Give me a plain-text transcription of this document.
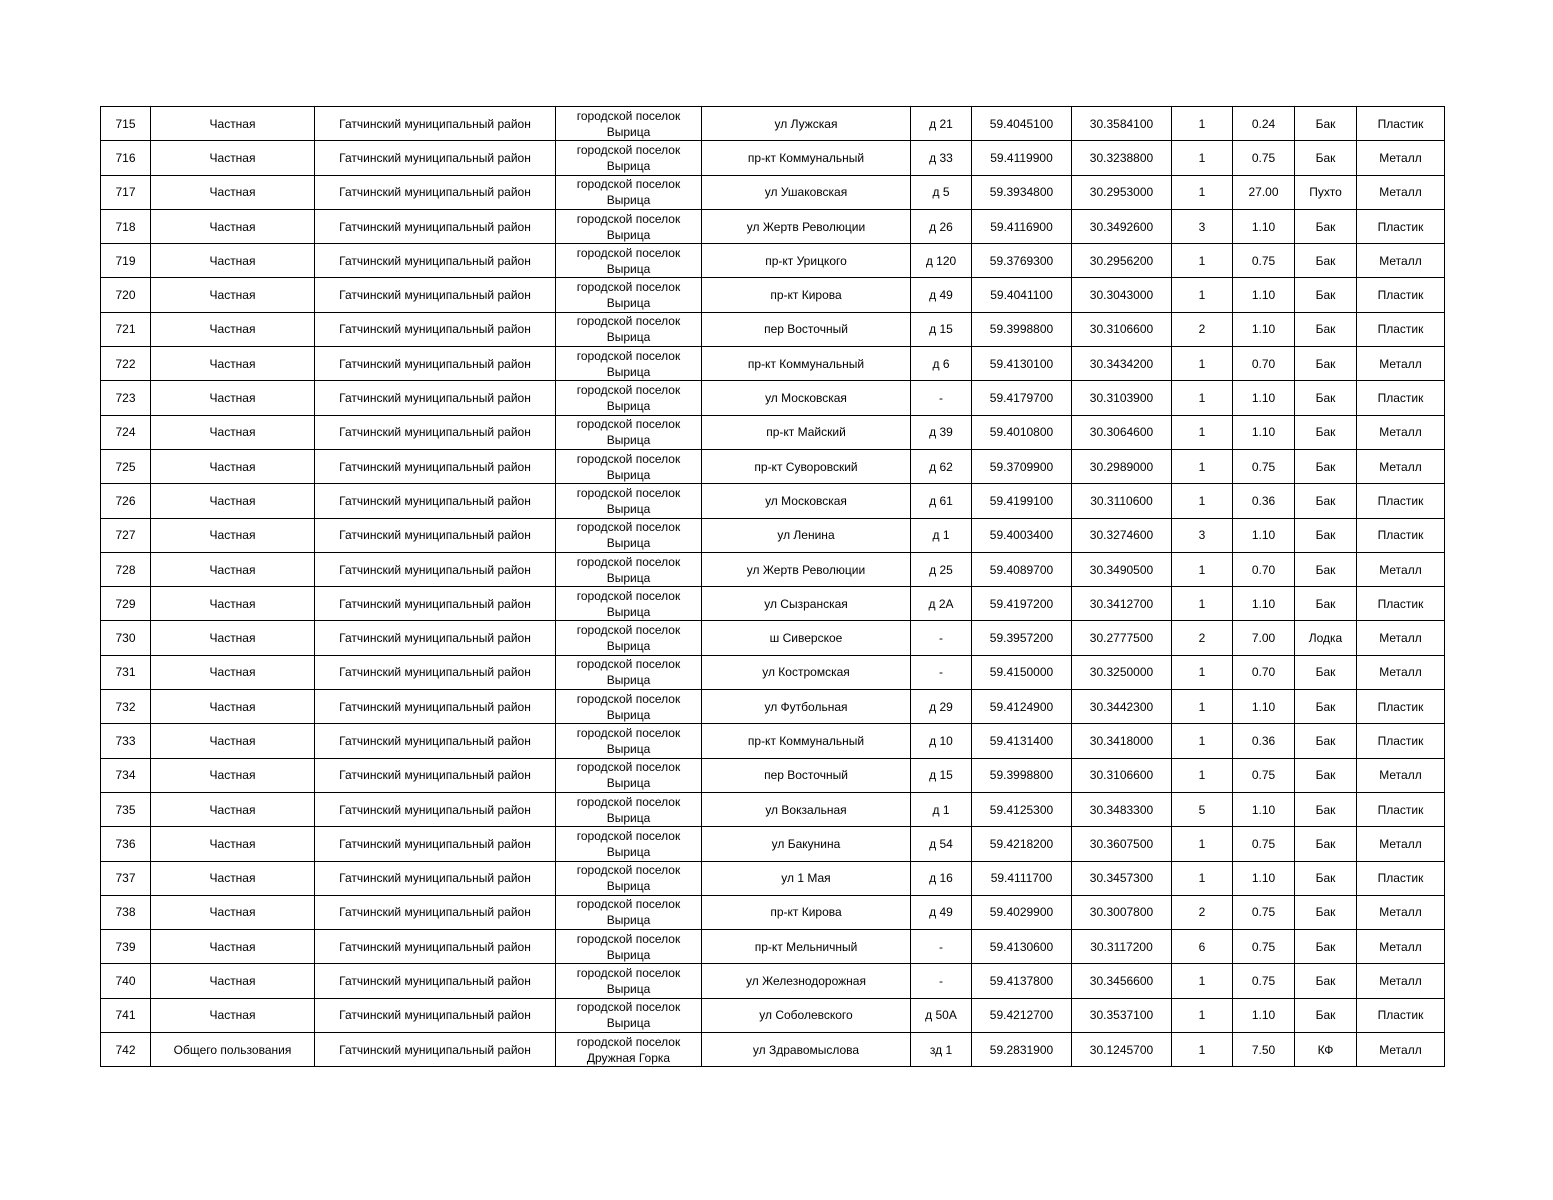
715	Частная	Гатчинский муниципальный район	городской поселок Вырица	ул Лужская	д 21	59.4045100	30.3584100	1	0.24	Бак	Пластик
716	Частная	Гатчинский муниципальный район	городской поселок Вырица	пр-кт Коммунальный	д 33	59.4119900	30.3238800	1	0.75	Бак	Металл
717	Частная	Гатчинский муниципальный район	городской поселок Вырица	ул Ушаковская	д 5	59.3934800	30.2953000	1	27.00	Пухто	Металл
718	Частная	Гатчинский муниципальный район	городской поселок Вырица	ул Жертв Революции	д 26	59.4116900	30.3492600	3	1.10	Бак	Пластик
719	Частная	Гатчинский муниципальный район	городской поселок Вырица	пр-кт Урицкого	д 120	59.3769300	30.2956200	1	0.75	Бак	Металл
720	Частная	Гатчинский муниципальный район	городской поселок Вырица	пр-кт Кирова	д 49	59.4041100	30.3043000	1	1.10	Бак	Пластик
721	Частная	Гатчинский муниципальный район	городской поселок Вырица	пер Восточный	д 15	59.3998800	30.3106600	2	1.10	Бак	Пластик
722	Частная	Гатчинский муниципальный район	городской поселок Вырица	пр-кт Коммунальный	д 6	59.4130100	30.3434200	1	0.70	Бак	Металл
723	Частная	Гатчинский муниципальный район	городской поселок Вырица	ул Московская	-	59.4179700	30.3103900	1	1.10	Бак	Пластик
724	Частная	Гатчинский муниципальный район	городской поселок Вырица	пр-кт Майский	д 39	59.4010800	30.3064600	1	1.10	Бак	Металл
725	Частная	Гатчинский муниципальный район	городской поселок Вырица	пр-кт Суворовский	д 62	59.3709900	30.2989000	1	0.75	Бак	Металл
726	Частная	Гатчинский муниципальный район	городской поселок Вырица	ул Московская	д 61	59.4199100	30.3110600	1	0.36	Бак	Пластик
727	Частная	Гатчинский муниципальный район	городской поселок Вырица	ул Ленина	д 1	59.4003400	30.3274600	3	1.10	Бак	Пластик
728	Частная	Гатчинский муниципальный район	городской поселок Вырица	ул Жертв Революции	д 25	59.4089700	30.3490500	1	0.70	Бак	Металл
729	Частная	Гатчинский муниципальный район	городской поселок Вырица	ул Сызранская	д 2А	59.4197200	30.3412700	1	1.10	Бак	Пластик
730	Частная	Гатчинский муниципальный район	городской поселок Вырица	ш Сиверское	-	59.3957200	30.2777500	2	7.00	Лодка	Металл
731	Частная	Гатчинский муниципальный район	городской поселок Вырица	ул Костромская	-	59.4150000	30.3250000	1	0.70	Бак	Металл
732	Частная	Гатчинский муниципальный район	городской поселок Вырица	ул Футбольная	д 29	59.4124900	30.3442300	1	1.10	Бак	Пластик
733	Частная	Гатчинский муниципальный район	городской поселок Вырица	пр-кт Коммунальный	д 10	59.4131400	30.3418000	1	0.36	Бак	Пластик
734	Частная	Гатчинский муниципальный район	городской поселок Вырица	пер Восточный	д 15	59.3998800	30.3106600	1	0.75	Бак	Металл
735	Частная	Гатчинский муниципальный район	городской поселок Вырица	ул Вокзальная	д 1	59.4125300	30.3483300	5	1.10	Бак	Пластик
736	Частная	Гатчинский муниципальный район	городской поселок Вырица	ул Бакунина	д 54	59.4218200	30.3607500	1	0.75	Бак	Металл
737	Частная	Гатчинский муниципальный район	городской поселок Вырица	ул 1 Мая	д 16	59.4111700	30.3457300	1	1.10	Бак	Пластик
738	Частная	Гатчинский муниципальный район	городской поселок Вырица	пр-кт Кирова	д 49	59.4029900	30.3007800	2	0.75	Бак	Металл
739	Частная	Гатчинский муниципальный район	городской поселок Вырица	пр-кт Мельничный	-	59.4130600	30.3117200	6	0.75	Бак	Металл
740	Частная	Гатчинский муниципальный район	городской поселок Вырица	ул Железнодорожная	-	59.4137800	30.3456600	1	0.75	Бак	Металл
741	Частная	Гатчинский муниципальный район	городской поселок Вырица	ул Соболевского	д 50А	59.4212700	30.3537100	1	1.10	Бак	Пластик
742	Общего пользования	Гатчинский муниципальный район	городской поселок Дружная Горка	ул Здравомыслова	зд 1	59.2831900	30.1245700	1	7.50	КФ	Металл
